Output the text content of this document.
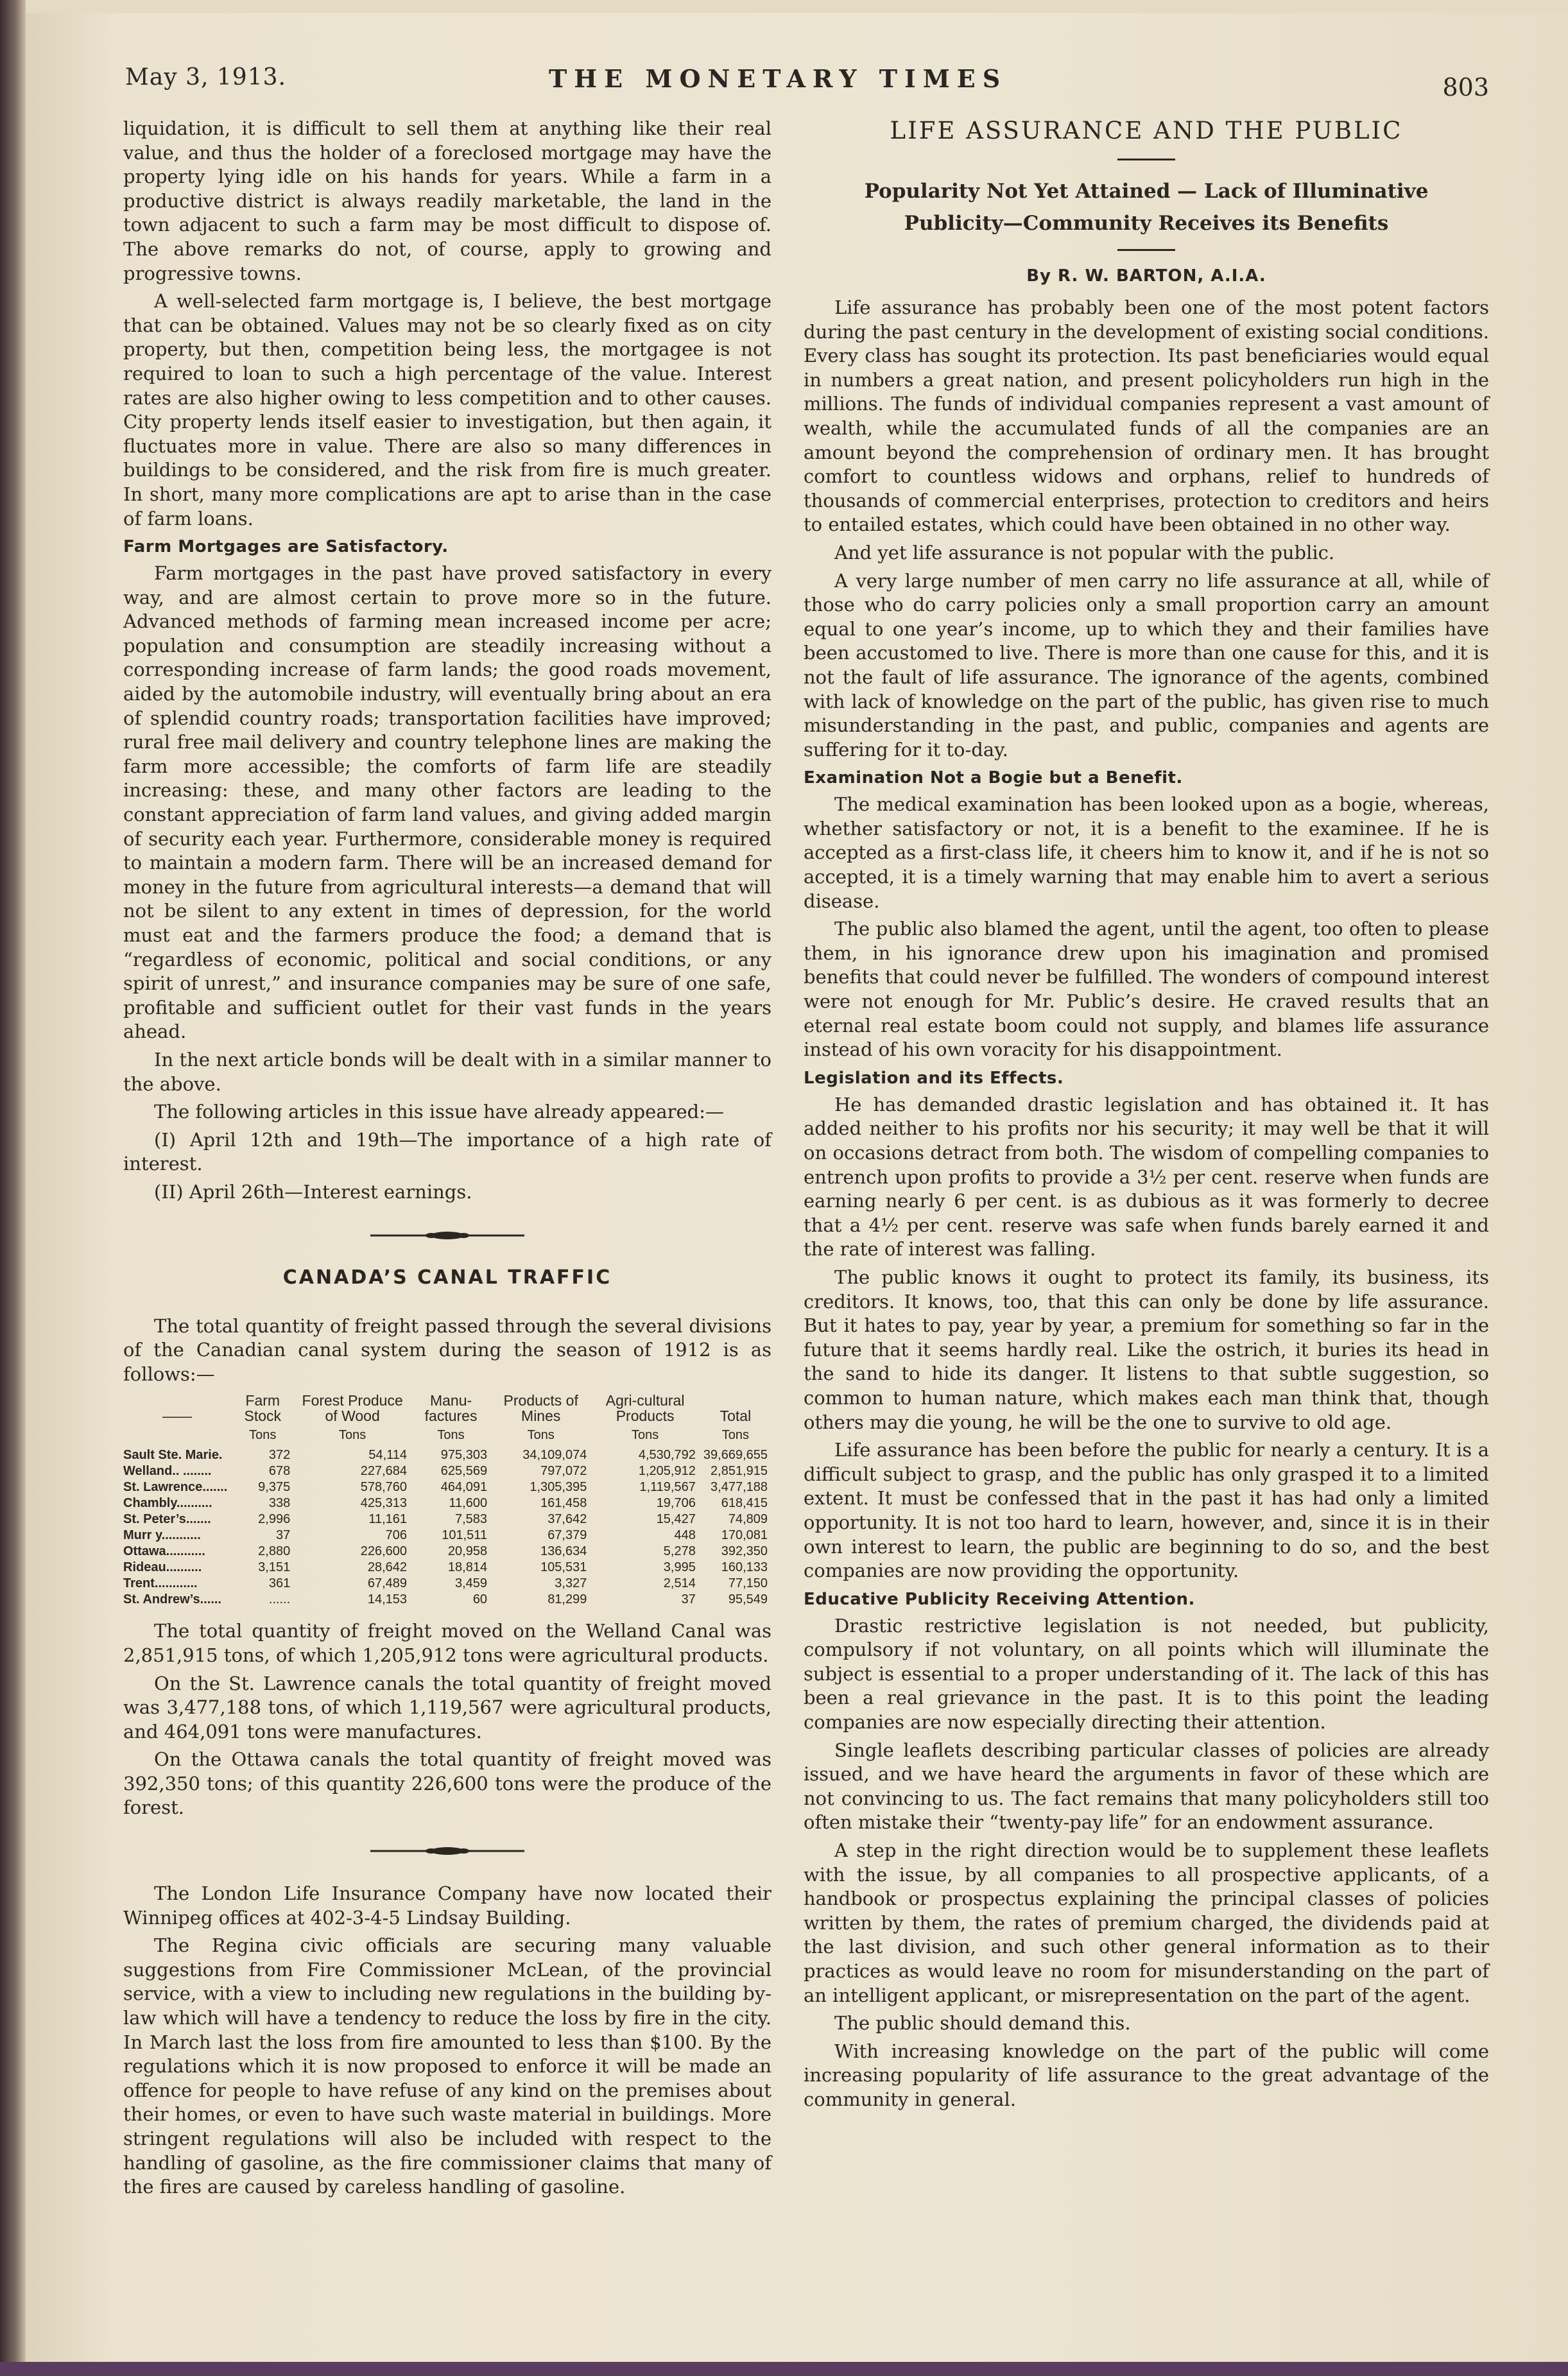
May 3, 1913.	THE MONETARY TIMES	803

liquidation, it is difficult to sell them at anything like their real value, and thus the holder of a foreclosed mortgage may have the property lying idle on his hands for years. While a farm in a productive district is always readily marketable, the land in the town adjacent to such a farm may be most difficult to dispose of. The above remarks do not, of course, apply to growing and progressive towns.

A well-selected farm mortgage is, I believe, the best mortgage that can be obtained. Values may not be so clearly fixed as on city property, but then, competition being less, the mortgagee is not required to loan to such a high percentage of the value. Interest rates are also higher owing to less competition and to other causes. City property lends itself easier to investigation, but then again, it fluctuates more in value. There are also so many differences in buildings to be considered, and the risk from fire is much greater. In short, many more complications are apt to arise than in the case of farm loans.

Farm Mortgages are Satisfactory.

Farm mortgages in the past have proved satisfactory in every way, and are almost certain to prove more so in the future. Advanced methods of farming mean increased income per acre; population and consumption are steadily increasing without a corresponding increase of farm lands; the good roads movement, aided by the automobile industry, will eventually bring about an era of splendid country roads; transportation facilities have improved; rural free mail delivery and country telephone lines are making the farm more accessible; the comforts of farm life are steadily increasing: these, and many other factors are leading to the constant appreciation of farm land values, and giving added margin of security each year. Furthermore, considerable money is required to maintain a modern farm. There will be an increased demand for money in the future from agricultural interests—a demand that will not be silent to any extent in times of depression, for the world must eat and the farmers produce the food; a demand that is “regardless of economic, political and social conditions, or any spirit of unrest,” and insurance companies may be sure of one safe, profitable and sufficient outlet for their vast funds in the years ahead.

In the next article bonds will be dealt with in a similar manner to the above.

The following articles in this issue have already appeared:—

(I) April 12th and 19th—The importance of a high rate of interest.

(II) April 26th—Interest earnings.

CANADA’S CANAL TRAFFIC

The total quantity of freight passed through the several divisions of the Canadian canal system during the season of 1912 is as follows:—

——	Farm Stock	Forest Produce of Wood	Manu-factures	Products of Mines	Agri-cultural Products	Total
	Tons	Tons	Tons	Tons	Tons	Tons
Sault Ste. Marie.	372	54,114	975,303	34,109,074	4,530,792	39,669,655
Welland.. ........	678	227,684	625,569	797,072	1,205,912	2,851,915
St. Lawrence.......	9,375	578,760	464,091	1,305,395	1,119,567	3,477,188
Chambly..........	338	425,313	11,600	161,458	19,706	618,415
St. Peter’s.......	2,996	11,161	7,583	37,642	15,427	74,809
Murr y...........	37	706	101,511	67,379	448	170,081
Ottawa...........	2,880	226,600	20,958	136,634	5,278	392,350
Rideau..........	3,151	28,642	18,814	105,531	3,995	160,133
Trent............	361	67,489	3,459	3,327	2,514	77,150
St. Andrew’s......	......	14,153	60	81,299	37	95,549

The total quantity of freight moved on the Welland Canal was 2,851,915 tons, of which 1,205,912 tons were agricultural products.

On the St. Lawrence canals the total quantity of freight moved was 3,477,188 tons, of which 1,119,567 were agricultural products, and 464,091 tons were manufactures.

On the Ottawa canals the total quantity of freight moved was 392,350 tons; of this quantity 226,600 tons were the produce of the forest.

The London Life Insurance Company have now located their Winnipeg offices at 402-3-4-5 Lindsay Building.

The Regina civic officials are securing many valuable suggestions from Fire Commissioner McLean, of the provincial service, with a view to including new regulations in the building by-law which will have a tendency to reduce the loss by fire in the city. In March last the loss from fire amounted to less than $100. By the regulations which it is now proposed to enforce it will be made an offence for people to have refuse of any kind on the premises about their homes, or even to have such waste material in buildings. More stringent regulations will also be included with respect to the handling of gasoline, as the fire commissioner claims that many of the fires are caused by careless handling of gasoline.

LIFE ASSURANCE AND THE PUBLIC
Popularity Not Yet Attained — Lack of Illuminative
Publicity—Community Receives its Benefits
By R. W. BARTON, A.I.A.

Life assurance has probably been one of the most potent factors during the past century in the development of existing social conditions. Every class has sought its protection. Its past beneficiaries would equal in numbers a great nation, and present policyholders run high in the millions. The funds of individual companies represent a vast amount of wealth, while the accumulated funds of all the companies are an amount beyond the comprehension of ordinary men. It has brought comfort to countless widows and orphans, relief to hundreds of thousands of commercial enterprises, protection to creditors and heirs to entailed estates, which could have been obtained in no other way.

And yet life assurance is not popular with the public.

A very large number of men carry no life assurance at all, while of those who do carry policies only a small proportion carry an amount equal to one year’s income, up to which they and their families have been accustomed to live. There is more than one cause for this, and it is not the fault of life assurance. The ignorance of the agents, combined with lack of knowledge on the part of the public, has given rise to much misunderstanding in the past, and public, companies and agents are suffering for it to-day.

Examination Not a Bogie but a Benefit.

The medical examination has been looked upon as a bogie, whereas, whether satisfactory or not, it is a benefit to the examinee. If he is accepted as a first-class life, it cheers him to know it, and if he is not so accepted, it is a timely warning that may enable him to avert a serious disease.

The public also blamed the agent, until the agent, too often to please them, in his ignorance drew upon his imagination and promised benefits that could never be fulfilled. The wonders of compound interest were not enough for Mr. Public’s desire. He craved results that an eternal real estate boom could not supply, and blames life assurance instead of his own voracity for his disappointment.

Legislation and its Effects.

He has demanded drastic legislation and has obtained it. It has added neither to his profits nor his security; it may well be that it will on occasions detract from both. The wisdom of compelling companies to entrench upon profits to provide a 3½ per cent. reserve when funds are earning nearly 6 per cent. is as dubious as it was formerly to decree that a 4½ per cent. reserve was safe when funds barely earned it and the rate of interest was falling.

The public knows it ought to protect its family, its business, its creditors. It knows, too, that this can only be done by life assurance. But it hates to pay, year by year, a premium for something so far in the future that it seems hardly real. Like the ostrich, it buries its head in the sand to hide its danger. It listens to that subtle suggestion, so common to human nature, which makes each man think that, though others may die young, he will be the one to survive to old age.

Life assurance has been before the public for nearly a century. It is a difficult subject to grasp, and the public has only grasped it to a limited extent. It must be confessed that in the past it has had only a limited opportunity. It is not too hard to learn, however, and, since it is in their own interest to learn, the public are beginning to do so, and the best companies are now providing the opportunity.

Educative Publicity Receiving Attention.

Drastic restrictive legislation is not needed, but publicity, compulsory if not voluntary, on all points which will illuminate the subject is essential to a proper understanding of it. The lack of this has been a real grievance in the past. It is to this point the leading companies are now especially directing their attention.

Single leaflets describing particular classes of policies are already issued, and we have heard the arguments in favor of these which are not convincing to us. The fact remains that many policyholders still too often mistake their “twenty-pay life” for an endowment assurance.

A step in the right direction would be to supplement these leaflets with the issue, by all companies to all prospective applicants, of a handbook or prospectus explaining the principal classes of policies written by them, the rates of premium charged, the dividends paid at the last division, and such other general information as to their practices as would leave no room for misunderstanding on the part of an intelligent applicant, or misrepresentation on the part of the agent.

The public should demand this.

With increasing knowledge on the part of the public will come increasing popularity of life assurance to the great advantage of the community in general.
